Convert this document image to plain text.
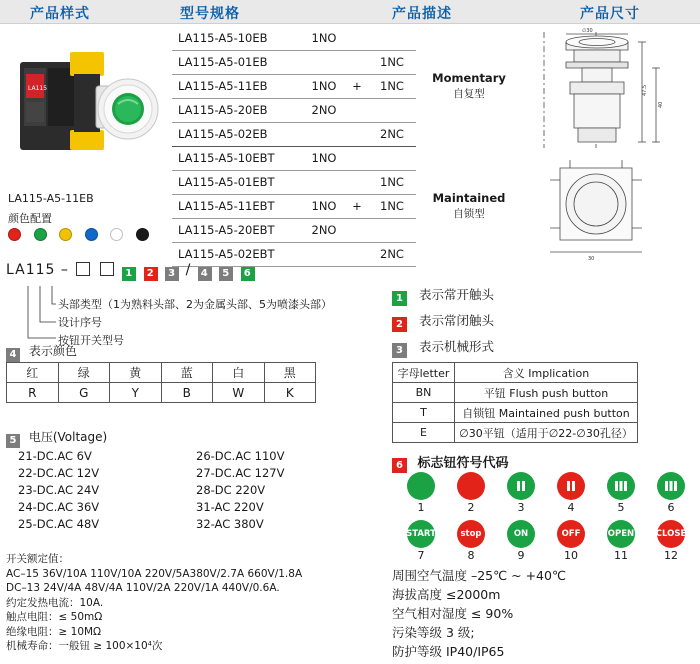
产品样式	型号规格	产品描述	产品尺寸
LA115
LA115-A5-11EB
颜色配置

LA115-A5-10EB	1NO			Momentary
自复型

LA115-A5-01EB			1NC	
LA115-A5-11EB	1NO	+	1NC	
LA115-A5-20EB	2NO			
LA115-A5-02EB			2NC	
LA115-A5-10EBT	1NO			Maintained
自锁型

LA115-A5-01EBT			1NC	
LA115-A5-11EBT	1NO	+	1NC	
LA115-A5-20EBT	2NO			
LA115-A5-02EBT			2NC	
∅30
47.5
40
30
LA115 –	1 2 3 / 4 5 6
头部类型（1为熟料头部、2为金属头部、5为喷漆头部）
设计序号
按钮开关型号
4 表示颜色
红	绿	黄	蓝	白	黑
R	G	Y	B	W	K
5 电压(Voltage)
21-DC.AC 6V
22-DC.AC 12V
23-DC.AC 24V
24-DC.AC 36V
25-DC.AC 48V
26-DC.AC 110V
27-DC.AC 127V
28-DC 220V
31-AC 220V
32-AC 380V
开关额定值：
AC–15 36V/10A 110V/10A 220V/5A380V/2.7A 660V/1.8A
DC–13 24V/4A 48V/4A 110V/2A 220V/1A 440V/0.6A.
约定发热电流：10A.
触点电阻：≤ 50mΩ
绝缘电阻：≥ 10MΩ
机械寿命：一般钮 ≥ 100×10⁴次
1 表示常开触头
2 表示常闭触头
3 表示机械形式
字母letter	含义 Implication
BN	平钮 Flush push button
T	自锁钮 Maintained push button
E	∅30平钮（适用于∅22-∅30孔径）
6 标志钮符号代码
1	2	3	4	5	6
START
7
stop
8
ON
9
OFF
10
OPEN
11
CLOSE
12
周围空气温度 –25℃ ~ +40℃
海拔高度 ≤2000m
空气相对湿度 ≤ 90%
污染等级 3 级;
防护等级 IP40/IP65
